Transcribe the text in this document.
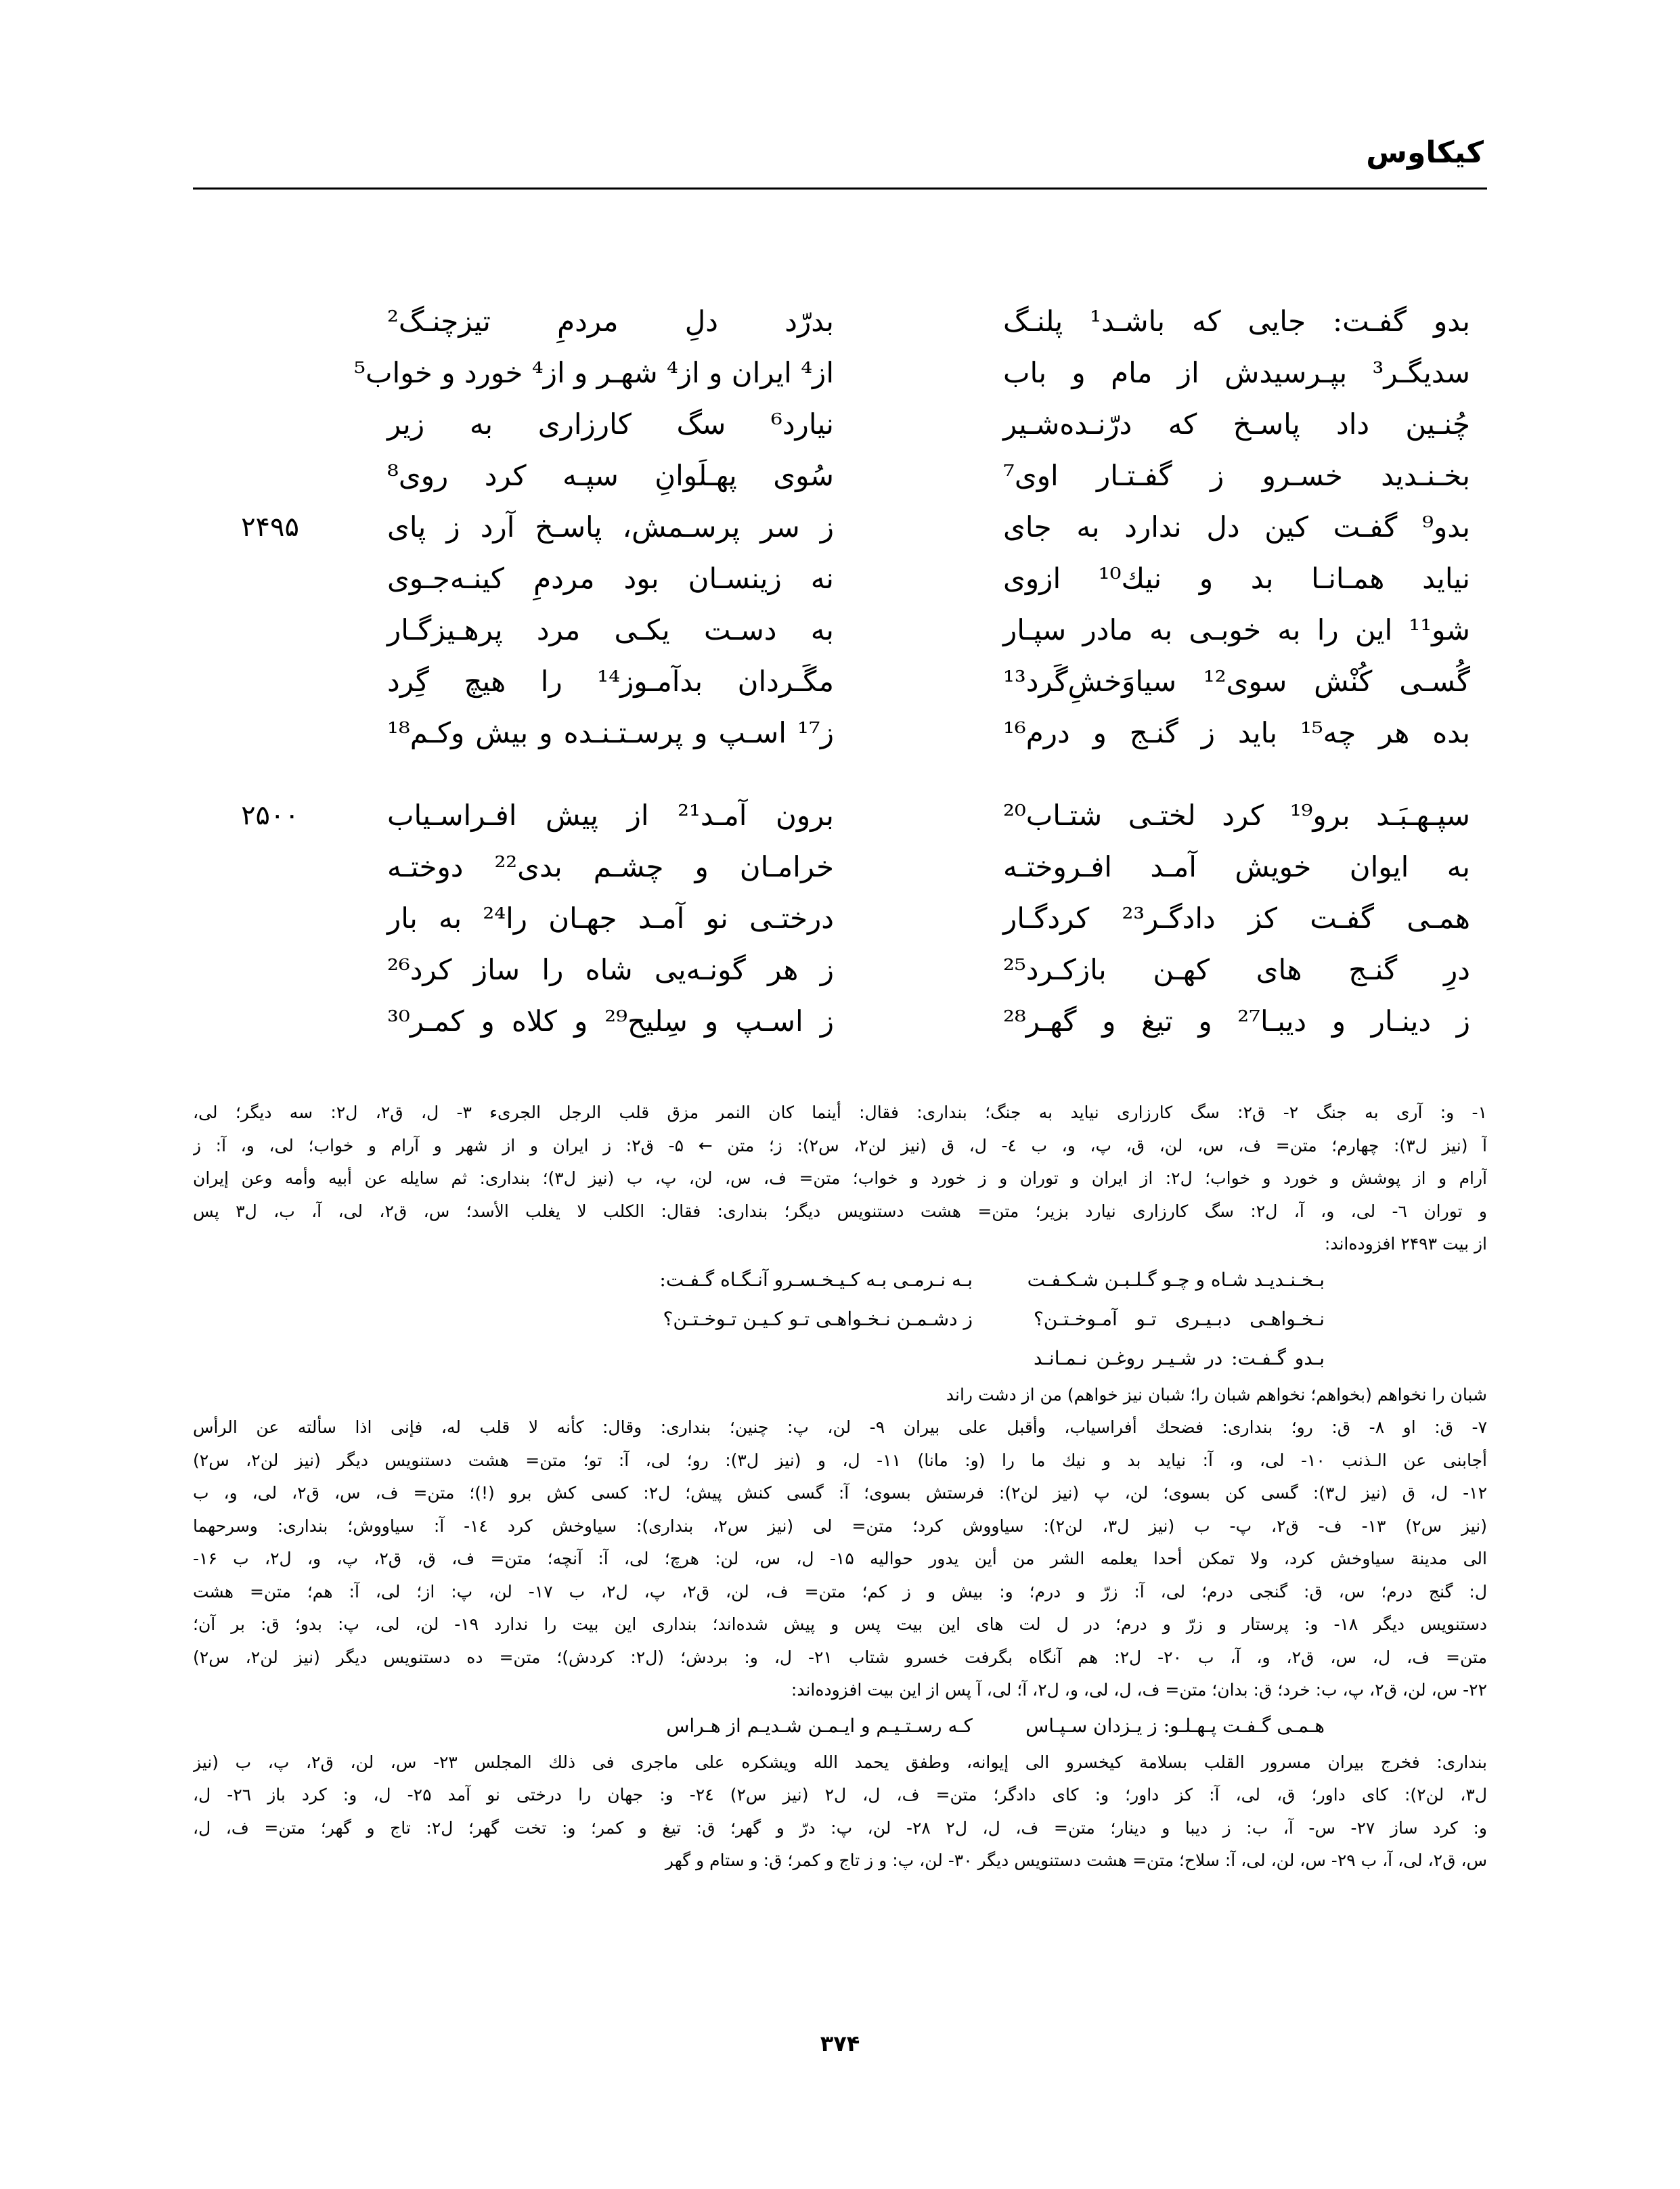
کیکاوس
بدو گفـت: جایی که باشـد¹ پلنـگ
بدرّد دلِ مردمِ تیزچنـگ²
سدیگـر³ بپـرسیدش از مام و باب
از⁴ ایران و از⁴ شهـر و از⁴ خورد و خواب⁵
چُنـین داد پاسـخ که درّنـده‌شـیر
نیارد⁶ سگ کارزاری به زیر
بخـنـدید خسـرو ز گفـتـار اوی⁷
سُوی پهـلَوانِ سپـه کرد روی⁸
۲۴۹۵	بدو⁹ گفـت کین دل ندارد به جای
ز سر پرسـمش، پاسـخ آرد ز پای
نیاید همـانـا بد و نیك¹⁰ ازوی
نه زینسـان بود مردمِ کینـه‌جـوی
شو¹¹ این را به خوبـی به مادر سپـار
به دسـت یکـی مرد پرهـیزگـار
گُسـی کُنْش سوی¹² سیاوَخشِ‌گَرد¹³
مگَـردان بدآمـوز¹⁴ را هیچ گِرد
بده هر چه¹⁵ باید ز گنـج و درم¹⁶
ز¹⁷ اسـپ و پرسـتـنـده و بیش وکـم¹⁸
۲۵۰۰	سپـهـبَـد برو¹⁹ کرد لختـی شتـاب²⁰
برون آمـد²¹ از پیش افـراسـیاب
به ایوان خویش آمـد افـروختـه
خرامـان و چشـم بدی²² دوختـه
همـی گفـت کز دادگـر²³ کردگـار
درختـی نو آمـد جهـان را²⁴ به بار
درِ گنـج های کهـن بازکـرد²⁵
ز هر گونـه‌یی شاه را ساز کرد²⁶
ز دینـار و دیبـا²⁷ و تیغ و گهـر²⁸
ز اسـپ و سِلیح²⁹ و کلاه و کمـر³⁰
۱- و: آری به جنگ ۲- ق۲: سگ کارزاری نیاید به جنگ؛ بنداری: فقال: أینما کان النمر مزق قلب الرجل الجریء ۳- ل، ق۲، ل۲: سه دیگر؛ لی،
آ (نیز ل۳): چهارم؛ متن= ف، س، لن، ق، پ، و، ب ٤- ل، ق (نیز لن۲، س۲): ز؛ متن ← ۵- ق۲: ز ایران و از شهر و آرام و خواب؛ لی، و، آ: ز
آرام و از پوشش و خورد و خواب؛ ل۲: از ایران و توران و ز خورد و خواب؛ متن= ف، س، لن، پ، ب (نیز ل۳)؛ بنداری: ثم سایله عن أبیه وأمه وعن إیران
و توران ٦- لی، و، آ، ل۲: سگ کارزاری نیارد بزیر؛ متن= هشت دستنویس دیگر؛ بنداری: فقال: الکلب لا یغلب الأسد؛ س، ق۲، لی، آ، ب، ل۳ پس
از بیت ۲۴۹۳ افزوده‌اند:
بـخـنـدیـد شـاه و چـو گـلـبـن شـکـفـت
بـه نـرمـی بـه کـیـخـسـرو آنـگـاه گـفـت:
نـخـواهـی دبـیـری تـو آمـوخـتـن؟
ز دشـمـن نـخـواهـی تـو کـیـن تـوخـتـن؟
بـدو گـفـت: در شـیـر روغـن نـمـانـد
شبان را نخواهم (بخواهم؛ نخواهم شبان را؛ شبان نیز خواهم) من از دشت راند
۷- ق: او ۸- ق: رو؛ بنداری: فضحك أفراسیاب، وأقبل علی بیران ۹- لن، پ: چنین؛ بنداری: وقال: کأنه لا قلب له، فإنی اذا سألته عن الرأس
أجابنی عن الـذنب ۱۰- لی، و، آ: نیاید بد و نیك ما را (و: مانا) ۱۱- ل، و (نیز ل۳): رو؛ لی، آ: تو؛ متن= هشت دستنویس دیگر (نیز لن۲، س۲)
۱۲- ل، ق (نیز ل۳): گسی کن بسوی؛ لن، پ (نیز لن۲): فرستش بسوی؛ آ: گسی کنش پیش؛ ل۲: کسی کش برو (!)؛ متن= ف، س، ق۲، لی، و، ب
(نیز س۲) ۱۳- ف- ق۲، پ- ب (نیز ل۳، لن۲): سیاووش کرد؛ متن= لی (نیز س۲، بنداری): سیاوخش کرد ١٤- آ: سیاووش؛ بنداری: وسرحهما
الی مدینة سیاوخش کرد، ولا تمکن أحدا یعلمه الشر من أین یدور حوالیه ۱۵- ل، س، لن: هرچ؛ لی، آ: آنچه؛ متن= ف، ق، ق۲، پ، و، ل۲، ب ۱۶-
ل: گنج درم؛ س، ق: گنجی درم؛ لی، آ: زرّ و درم؛ و: بیش و ز کم؛ متن= ف، لن، ق۲، پ، ل۲، ب ۱۷- لن، پ: از؛ لی، آ: هم؛ متن= هشت
دستنویس دیگر ۱۸- و: پرستار و زرّ و درم؛ در ل لت های این بیت پس و پیش شده‌اند؛ بنداری این بیت را ندارد ۱۹- لن، لی، پ: بدو؛ ق: بر آن؛
متن= ف، ل، س، ق۲، و، آ، ب ۲۰- ل۲: هم آنگاه بگرفت خسرو شتاب ۲۱- ل، و: بردش؛ (ل۲: کردش)؛ متن= ده دستنویس دیگر (نیز لن۲، س۲)
۲۲- س، لن، ق۲، پ، ب: خرد؛ ق: بدان؛ متن= ف، ل، لی، و، ل۲، آ؛ لی، آ پس از این بیت افزوده‌اند:
هـمـی گـفـت پـهـلـو: ز یـزدان سـپـاس
کـه رسـتـیـم و ایـمـن شـدیـم از هـراس
بنداری: فخرج بیران مسرور القلب بسلامة کیخسرو الی إیوانه، وطفق یحمد الله ویشکره علی ماجری فی ذلك المجلس ۲۳- س، لن، ق۲، پ، ب (نیز
ل۳، لن۲): کای داور؛ ق، لی، آ: کز داور؛ و: کای دادگر؛ متن= ف، ل، ل۲ (نیز س۲) ۲٤- و: جهان را درختی نو آمد ۲۵- ل، و: کرد باز ۲٦- ل،
و: کرد ساز ۲۷- س- آ، ب: ز دیبا و دینار؛ متن= ف، ل، ل۲ ۲۸- لن، پ: درّ و گهر؛ ق: تیغ و کمر؛ و: تخت گهر؛ ل۲: تاج و گهر؛ متن= ف، ل،
س، ق۲، لی، آ، ب ۲۹- س، لن، لی، آ: سلاح؛ متن= هشت دستنویس دیگر ۳۰- لن، پ: و ز تاج و کمر؛ ق: و ستام و گهر
۳۷۴
